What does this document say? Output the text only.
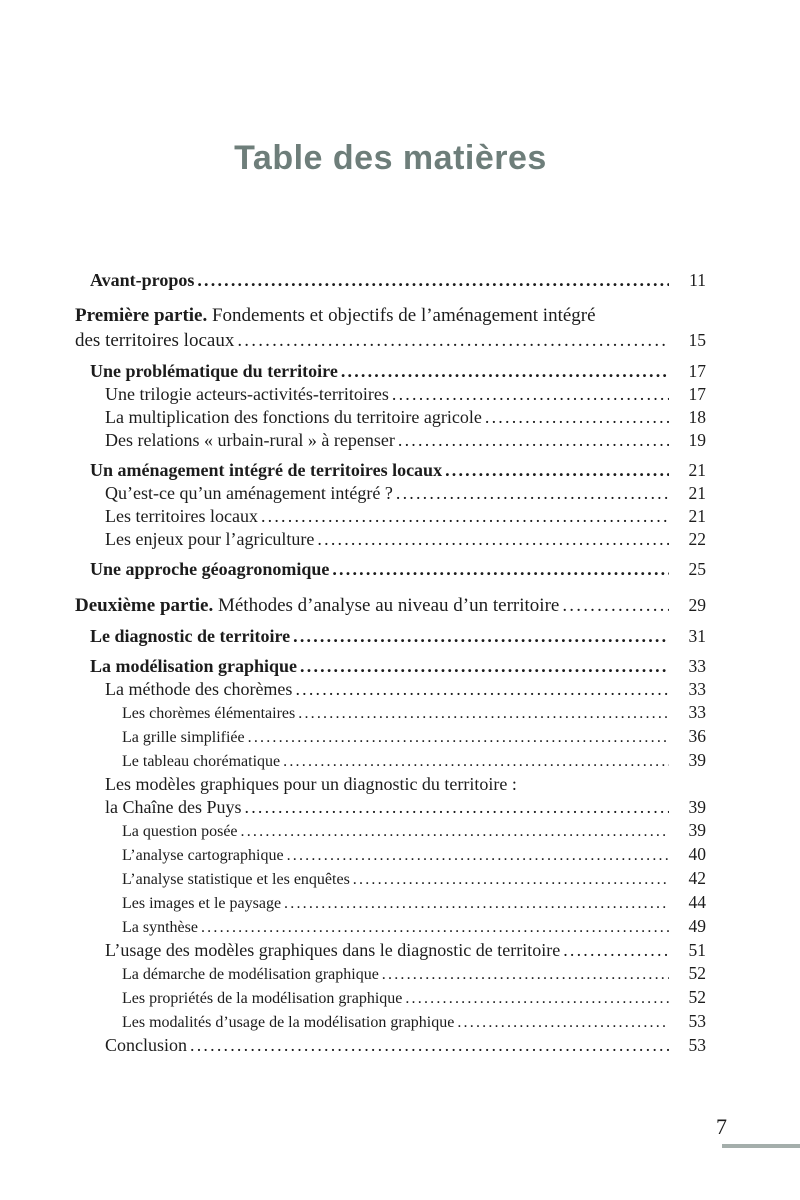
Table des matières
Avant-propos .....	11
Première partie. Fondements et objectifs de l’aménagement intégré
des territoires locaux .....	15
Une problématique du territoire .....	17
Une trilogie acteurs-activités-territoires .....	17
La multiplication des fonctions du territoire agricole .....	18
Des relations « urbain-rural » à repenser .....	19
Un aménagement intégré de territoires locaux .....	21
Qu’est-ce qu’un aménagement intégré ? .....	21
Les territoires locaux .....	21
Les enjeux pour l’agriculture .....	22
Une approche géoagronomique .....	25
Deuxième partie. Méthodes d’analyse au niveau d’un territoire .....	29
Le diagnostic de territoire .....	31
La modélisation graphique .....	33
La méthode des chorèmes .....	33
Les chorèmes élémentaires .....	33
La grille simplifiée .....	36
Le tableau chorématique .....	39
Les modèles graphiques pour un diagnostic du territoire :
la Chaîne des Puys .....	39
La question posée .....	39
L’analyse cartographique .....	40
L’analyse statistique et les enquêtes .....	42
Les images et le paysage .....	44
La synthèse .....	49
L’usage des modèles graphiques dans le diagnostic de territoire .....	51
La démarche de modélisation graphique .....	52
Les propriétés de la modélisation graphique .....	52
Les modalités d’usage de la modélisation graphique .....	53
Conclusion .....	53
7
